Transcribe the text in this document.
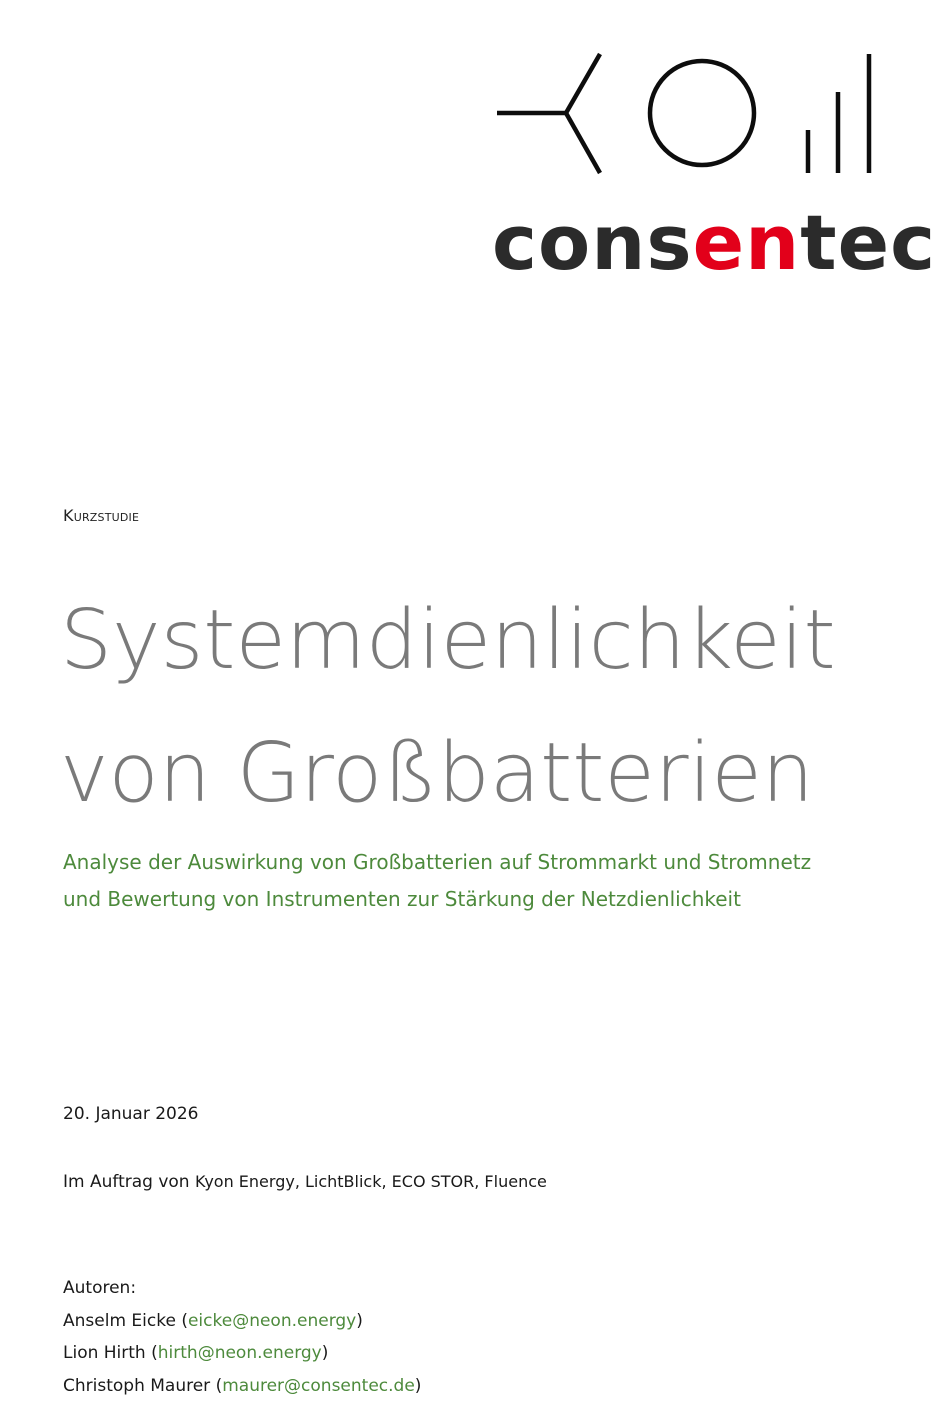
consentec
Kurzstudie
Systemdienlichkeit
von Großbatterien
Analyse der Auswirkung von Großbatterien auf Strommarkt und Stromnetz
und Bewertung von Instrumenten zur Stärkung der Netzdienlichkeit
20. Januar 2026
Im Auftrag von Kyon Energy, LichtBlick, ECO STOR, Fluence
Autoren:
Anselm Eicke (eicke@neon.energy)
Lion Hirth (hirth@neon.energy)
Christoph Maurer (maurer@consentec.de)
